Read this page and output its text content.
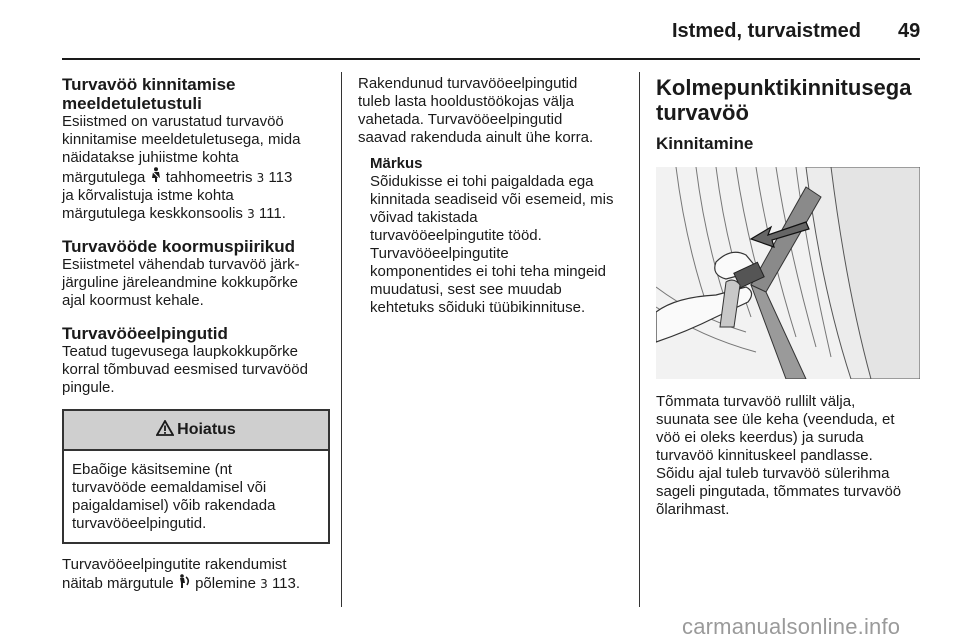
Istmed, turvaistmed 49
Turvavöö kinnitamise meeldetuletustuli
Esiistmed on varustatud turvavöö
kinnitamise meeldetuletusega, mida
näidatakse juhiistme kohta
märgutulega  tahhomeetris 3 113
ja kõrvalistuja istme kohta
märgutulega keskkonsoolis 3 111.
Turvavööde koormuspiirikud
Esiistmetel vähendab turvavöö järk-
järguline järeleandmine kokkupõrke
ajal koormust kehale.
Turvavööeelpingutid
Teatud tugevusega laupkokkupõrke
korral tõmbuvad eesmised turvavööd
pingule.
Hoiatus
Ebaõige käsitsemine (nt
turvavööde eemaldamisel või
paigaldamisel) võib rakendada
turvavööeelpingutid.
Turvavööeelpingutite rakendumist
näitab märgutule  põlemine 3 113.
Rakendunud turvavööeelpingutid
tuleb lasta hooldustöökojas välja
vahetada. Turvavööeelpingutid
saavad rakenduda ainult ühe korra.
Märkus
Sõidukisse ei tohi paigaldada ega
kinnitada seadiseid või esemeid, mis
võivad takistada
turvavööeelpingutite tööd.
Turvavööeelpingutite
komponentides ei tohi teha mingeid
muudatusi, sest see muudab
kehtetuks sõiduki tüübikinnituse.
Kolmepunktikinnitusega
turvavöö
Kinnitamine
Tõmmata turvavöö rullilt välja,
suunata see üle keha (veenduda, et
vöö ei oleks keerdus) ja suruda
turvavöö kinnituskeel pandlasse.
Sõidu ajal tuleb turvavöö sülerihma
sageli pingutada, tõmmates turvavöö
õlarihmast.
carmanualsonline.info
